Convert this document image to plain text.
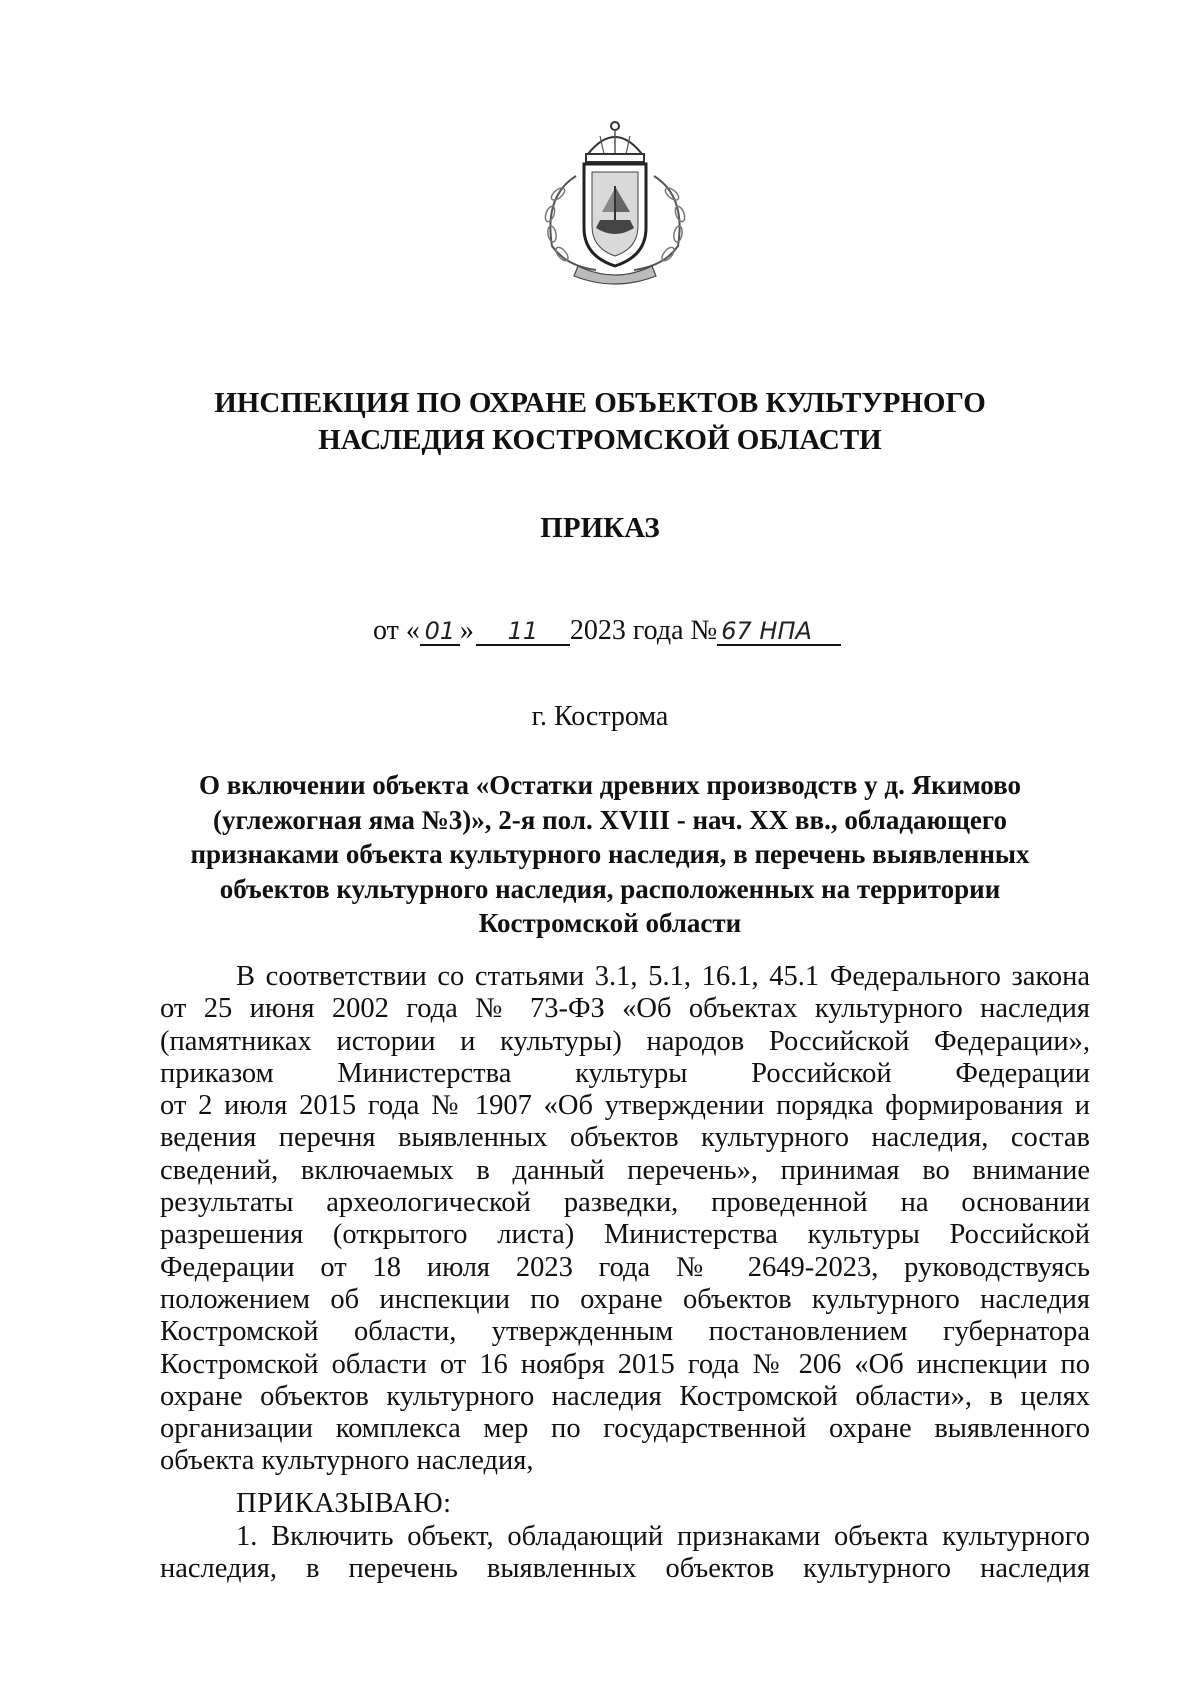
ИНСПЕКЦИЯ ПО ОХРАНЕ ОБЪЕКТОВ КУЛЬТУРНОГО
НАСЛЕДИЯ КОСТРОМСКОЙ ОБЛАСТИ
ПРИКАЗ
от « 01 » 11 2023 года № 67 НПА
г. Кострома
О включении объекта «Остатки древних производств у д. Якимово
(углежогная яма №3)», 2-я пол. XVIII - нач. XX вв., обладающего
признаками объекта культурного наследия, в перечень выявленных
объектов культурного наследия, расположенных на территории
Костромской области
В соответствии со статьями 3.1, 5.1, 16.1, 45.1 Федерального закона
от 25 июня 2002 года № 73-ФЗ «Об объектах культурного наследия
(памятниках истории и культуры) народов Российской Федерации»,
приказом Министерства культуры Российской Федерации
от 2 июля 2015 года № 1907 «Об утверждении порядка формирования и
ведения перечня выявленных объектов культурного наследия, состав
сведений, включаемых в данный перечень», принимая во внимание
результаты археологической разведки, проведенной на основании
разрешения (открытого листа) Министерства культуры Российской
Федерации от 18 июля 2023 года № 2649-2023, руководствуясь
положением об инспекции по охране объектов культурного наследия
Костромской области, утвержденным постановлением губернатора
Костромской области от 16 ноября 2015 года № 206 «Об инспекции по
охране объектов культурного наследия Костромской области», в целях
организации комплекса мер по государственной охране выявленного
объекта культурного наследия,
ПРИКАЗЫВАЮ:
1. Включить объект, обладающий признаками объекта культурного
наследия, в перечень выявленных объектов культурного наследия
